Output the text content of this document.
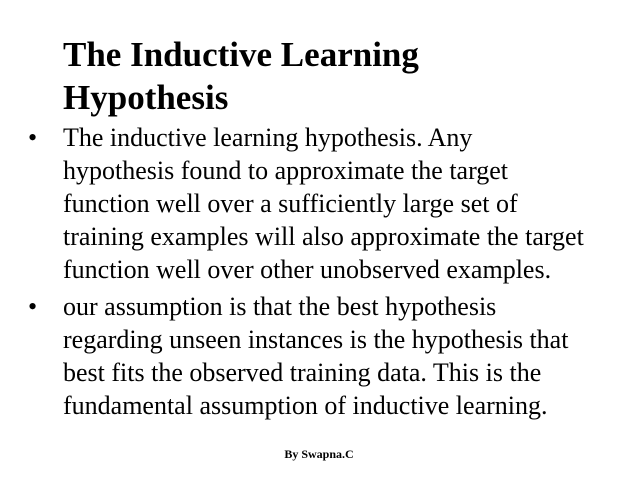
The Inductive Learning
Hypothesis
• The inductive learning hypothesis. Any
hypothesis found to approximate the target
function well over a sufficiently large set of
training examples will also approximate the target
function well over other unobserved examples.
• our assumption is that the best hypothesis
regarding unseen instances is the hypothesis that
best fits the observed training data. This is the
fundamental assumption of inductive learning.
By Swapna.C
